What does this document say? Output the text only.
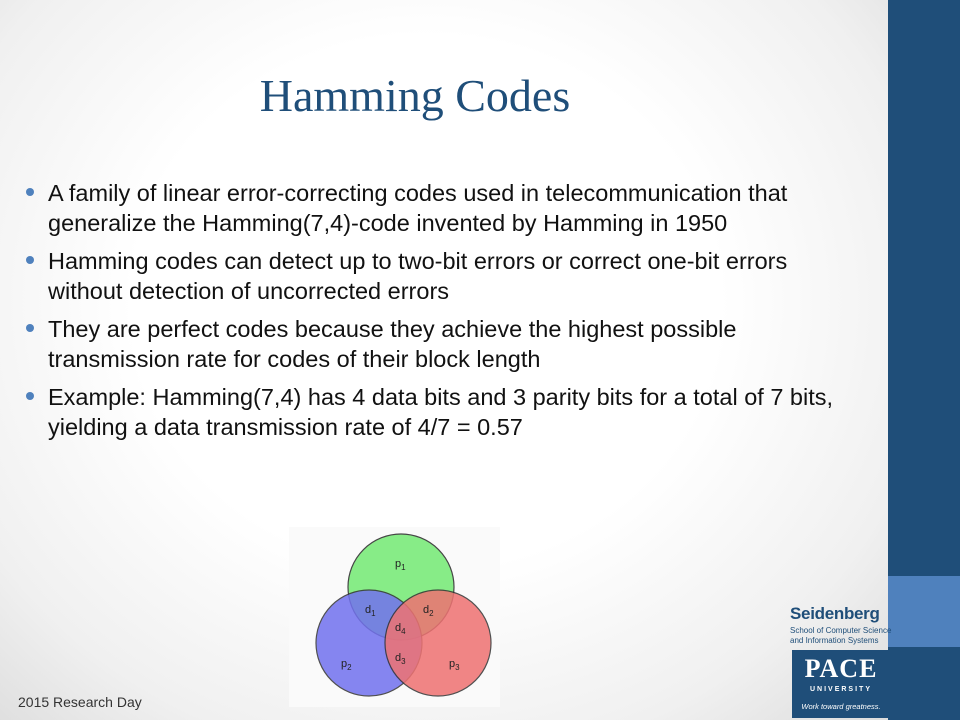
Hamming Codes
A family of linear error-correcting codes used in telecommunication that generalize the Hamming(7,4)-code invented by Hamming in 1950
Hamming codes can detect up to two-bit errors or correct one-bit errors without detection of uncorrected errors
They are perfect codes because they achieve the highest possible transmission rate for codes of their block length
Example: Hamming(7,4) has 4 data bits and 3 parity bits for a total of 7 bits, yielding a data transmission rate of 4/7 = 0.57
$p_1$
$d_1$	$d_2$
$d_4$
$d_3$
$p_2$	$p_3$
2015 Research Day
Seidenberg
School of Computer Science
and Information Systems
PACE
UNIVERSITY
Work toward greatness.
